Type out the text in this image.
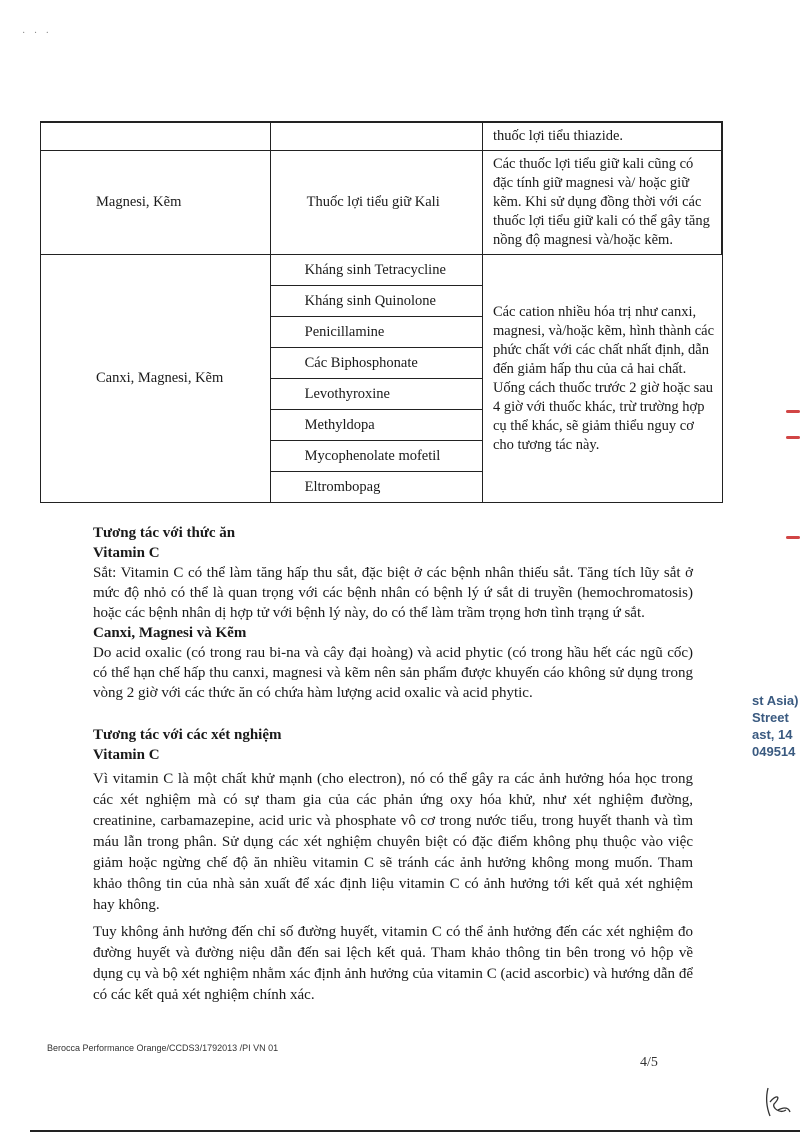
· · ·
		thuốc lợi tiểu thiazide.
Magnesi, Kẽm	Thuốc lợi tiểu giữ Kali	Các thuốc lợi tiểu giữ kali cũng có đặc tính giữ magnesi và/ hoặc giữ kẽm. Khi sử dụng đồng thời với các thuốc lợi tiểu giữ kali có thể gây tăng nồng độ magnesi và/hoặc kẽm.
Canxi, Magnesi, Kẽm	Kháng sinh Tetracycline	Các cation nhiều hóa trị như canxi, magnesi, và/hoặc kẽm, hình thành các phức chất với các chất nhất định, dẫn đến giảm hấp thu của cả hai chất. Uống cách thuốc trước 2 giờ hoặc sau 4 giờ với thuốc khác, trừ trường hợp cụ thể khác, sẽ giảm thiểu nguy cơ cho tương tác này.
	Kháng sinh Quinolone	
	Penicillamine	
	Các Biphosphonate	
	Levothyroxine	
	Methyldopa	
	Mycophenolate mofetil	
	Eltrombopag	
Tương tác với thức ăn
Vitamin C
Sắt: Vitamin C có thể làm tăng hấp thu sắt, đặc biệt ở các bệnh nhân thiếu sắt. Tăng tích lũy sắt ở mức độ nhỏ có thể là quan trọng với các bệnh nhân có bệnh lý ứ sắt di truyền (hemochromatosis) hoặc các bệnh nhân dị hợp tử với bệnh lý này, do có thể làm trầm trọng hơn tình trạng ứ sắt.
Canxi, Magnesi và Kẽm
Do acid oxalic (có trong rau bi-na và cây đại hoàng) và acid phytic (có trong hầu hết các ngũ cốc) có thể hạn chế hấp thu canxi, magnesi và kẽm nên sản phẩm được khuyến cáo không sử dụng trong vòng 2 giờ với các thức ăn có chứa hàm lượng acid oxalic và acid phytic.
Tương tác với các xét nghiệm
Vitamin C
Vì vitamin C là một chất khử mạnh (cho electron), nó có thể gây ra các ảnh hưởng hóa học trong các xét nghiệm mà có sự tham gia của các phản ứng oxy hóa khử, như xét nghiệm đường, creatinine, carbamazepine, acid uric và phosphate vô cơ trong nước tiểu, trong huyết thanh và tìm máu lẫn trong phân. Sử dụng các xét nghiệm chuyên biệt có đặc điểm không phụ thuộc vào việc giảm hoặc ngừng chế độ ăn nhiều vitamin C sẽ tránh các ảnh hưởng không mong muốn. Tham khảo thông tin của nhà sản xuất để xác định liệu vitamin C có ảnh hưởng tới kết quả xét nghiệm hay không.
Tuy không ảnh hưởng đến chỉ số đường huyết, vitamin C có thể ảnh hưởng đến các xét nghiệm đo đường huyết và đường niệu dẫn đến sai lệch kết quả. Tham khảo thông tin bên trong vỏ hộp về dụng cụ và bộ xét nghiệm nhằm xác định ảnh hưởng của vitamin C (acid ascorbic) và hướng dẫn để có các kết quả xét nghiệm chính xác.
st Asia)
Street
ast, 14
049514
Berocca Performance Orange/CCDS3/1792013 /PI VN 01
4/5
